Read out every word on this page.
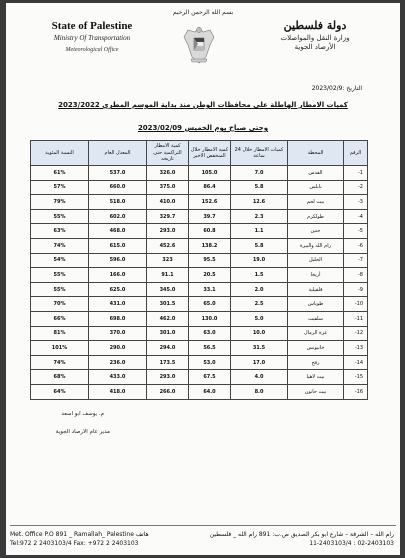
بسم الله الرحمن الرحيم
State of Palestine
Ministry Of Transportation
Meteorological Office
دولة فلسطين
وزارة النقل والمواصلات
الأرصاد الجوية
التاريخ :2023/02/9
كميات الامطار الهاطلة على محافظات الوطن منذ بداية الموسم المطري 2023/2022
وحتى صباح يوم الخميس 2023/02/09
الرقم	المحطة	كميات الامطار خلال 24 ساعة	كمية الامطار خلال المنخفض الاخير	كمية الامطار التراكمية حتى تاريخه	المعدل العام	النسبة المئوية
-1	القدس	7.0	105.0	326.0	537.0	61%
-2	نابلس	5.8	86.4	375.0	660.0	57%
-3	بيت لحم	12.6	152.6	410.0	518.0	79%
-4	طولكرم	2.3	39.7	329.7	602.0	55%
-5	جنين	1.1	60.8	293.0	468.0	63%
-6	رام الله والبيرة	5.8	138.2	452.6	615.0	74%
-7	الخليل	19.0	95.5	323	596.0	54%
-8	أريحا	1.5	20.5	91.1	166.0	55%
-9	قلقيلية	2.0	33.1	345.0	625.0	55%
-10	طوباس	2.5	65.0	301.5	431.0	70%
-11	سلفيت	5.0	130.0	462.0	698.0	66%
-12	غزة الرمال	10.0	63.0	301.0	370.0	81%
-13	خانيونس	31.5	56.5	294.0	290.0	101%
-14	رفح	17.0	53.0	173.5	236.0	74%
-15	بيت لاهيا	4.0	67.5	293.0	433.0	68%
-16	بيت حانون	8.0	64.0	266.0	418.0	64%
م. يوسف ابو اسعد
مدير عام الارصاد الجوية
Met. Office P.O 891 _ Ramallah_ Palestine هاتف
Tel:972 2 2403103/4 Fax: +972 2 2403103
رام الله – الشرفة – شارع ابو بكر الصديق ص.ب: 891 رام الله _ فلسطين
02-2403103 : 11-2403103/4
